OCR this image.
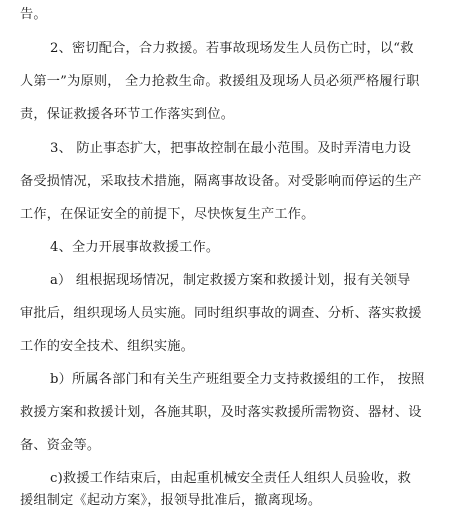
告。
2、密切配合，合力救援。若事故现场发生人员伤亡时，以“救
人第一”为原则， 全力抢救生命。救援组及现场人员必须严格履行职
责，保证救援各环节工作落实到位。
3、 防止事态扩大，把事故控制在最小范围。及时弄清电力设
备受损情况，采取技术措施，隔离事故设备。对受影响而停运的生产
工作，在保证安全的前提下，尽快恢复生产工作。
4、全力开展事故救援工作。
a） 组根据现场情况，制定救援方案和救援计划，报有关领导
审批后，组织现场人员实施。同时组织事故的调查、分析、落实救援
工作的安全技术、组织实施。
b）所属各部门和有关生产班组要全力支持救援组的工作， 按照
救援方案和救援计划，各施其职，及时落实救援所需物资、器材、设
备、资金等。
c)救援工作结束后，由起重机械安全责任人组织人员验收，救
援组制定《起动方案》，报领导批准后，撤离现场。
